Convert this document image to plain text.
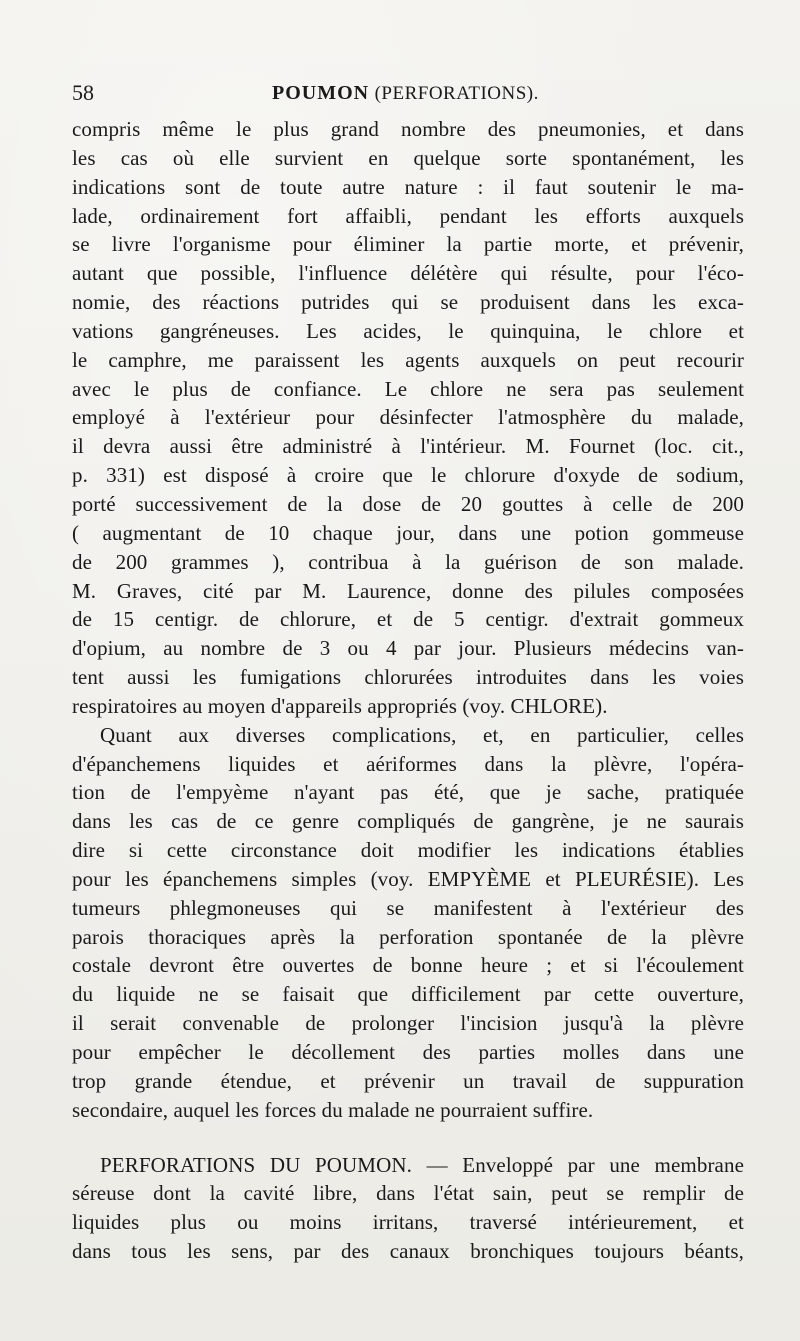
58	POUMON (PERFORATIONS).
compris même le plus grand nombre des pneumonies, et dans
les cas où elle survient en quelque sorte spontanément, les
indications sont de toute autre nature : il faut soutenir le ma-
lade, ordinairement fort affaibli, pendant les efforts auxquels
se livre l'organisme pour éliminer la partie morte, et prévenir,
autant que possible, l'influence délétère qui résulte, pour l'éco-
nomie, des réactions putrides qui se produisent dans les exca-
vations gangréneuses. Les acides, le quinquina, le chlore et
le camphre, me paraissent les agents auxquels on peut recourir
avec le plus de confiance. Le chlore ne sera pas seulement
employé à l'extérieur pour désinfecter l'atmosphère du malade,
il devra aussi être administré à l'intérieur. M. Fournet (loc. cit.,
p. 331) est disposé à croire que le chlorure d'oxyde de sodium,
porté successivement de la dose de 20 gouttes à celle de 200
( augmentant de 10 chaque jour, dans une potion gommeuse
de 200 grammes ), contribua à la guérison de son malade.
M. Graves, cité par M. Laurence, donne des pilules composées
de 15 centigr. de chlorure, et de 5 centigr. d'extrait gommeux
d'opium, au nombre de 3 ou 4 par jour. Plusieurs médecins van-
tent aussi les fumigations chlorurées introduites dans les voies
respiratoires au moyen d'appareils appropriés (voy. CHLORE).
Quant aux diverses complications, et, en particulier, celles
d'épanchemens liquides et aériformes dans la plèvre, l'opéra-
tion de l'empyème n'ayant pas été, que je sache, pratiquée
dans les cas de ce genre compliqués de gangrène, je ne saurais
dire si cette circonstance doit modifier les indications établies
pour les épanchemens simples (voy. EMPYÈME et PLEURÉSIE). Les
tumeurs phlegmoneuses qui se manifestent à l'extérieur des
parois thoraciques après la perforation spontanée de la plèvre
costale devront être ouvertes de bonne heure ; et si l'écoulement
du liquide ne se faisait que difficilement par cette ouverture,
il serait convenable de prolonger l'incision jusqu'à la plèvre
pour empêcher le décollement des parties molles dans une
trop grande étendue, et prévenir un travail de suppuration
secondaire, auquel les forces du malade ne pourraient suffire.
PERFORATIONS DU POUMON. — Enveloppé par une membrane
séreuse dont la cavité libre, dans l'état sain, peut se remplir de
liquides plus ou moins irritans, traversé intérieurement, et
dans tous les sens, par des canaux bronchiques toujours béants,
